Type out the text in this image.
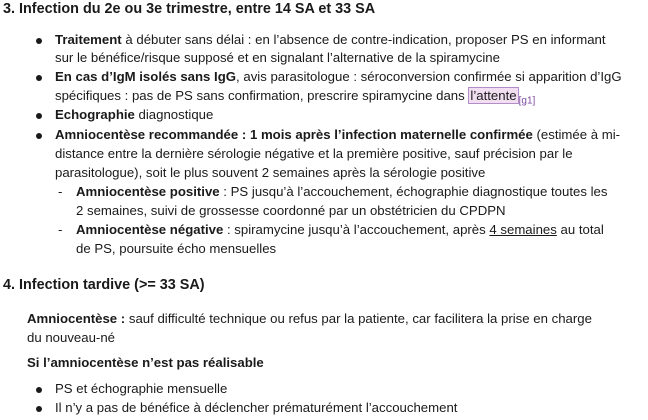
3. Infection du 2e ou 3e trimestre, entre 14 SA et 33 SA
Traitement à débuter sans délai : en l’absence de contre-indication, proposer PS en informant
sur le bénéfice/risque supposé et en signalant l’alternative de la spiramycine
En cas d’IgM isolés sans IgG, avis parasitologue : séroconversion confirmée si apparition d’IgG
spécifiques : pas de PS sans confirmation, prescrire spiramycine dans l’attente $_{[g1]}$
Echographie diagnostique
Amniocentèse recommandée : 1 mois après l’infection maternelle confirmée (estimée à mi-
distance entre la dernière sérologie négative et la première positive, sauf précision par le
parasitologue), soit le plus souvent 2 semaines après la sérologie positive
- Amniocentèse positive : PS jusqu’à l’accouchement, échographie diagnostique toutes les
2 semaines, suivi de grossesse coordonné par un obstétricien du CPDPN
- Amniocentèse négative : spiramycine jusqu’à l’accouchement, après 4 semaines au total
de PS, poursuite écho mensuelles
4. Infection tardive (>= 33 SA)
Amniocentèse : sauf difficulté technique ou refus par la patiente, car facilitera la prise en charge
du nouveau-né
Si l’amniocentèse n’est pas réalisable
PS et échographie mensuelle
Il n’y a pas de bénéfice à déclencher prématurément l’accouchement
